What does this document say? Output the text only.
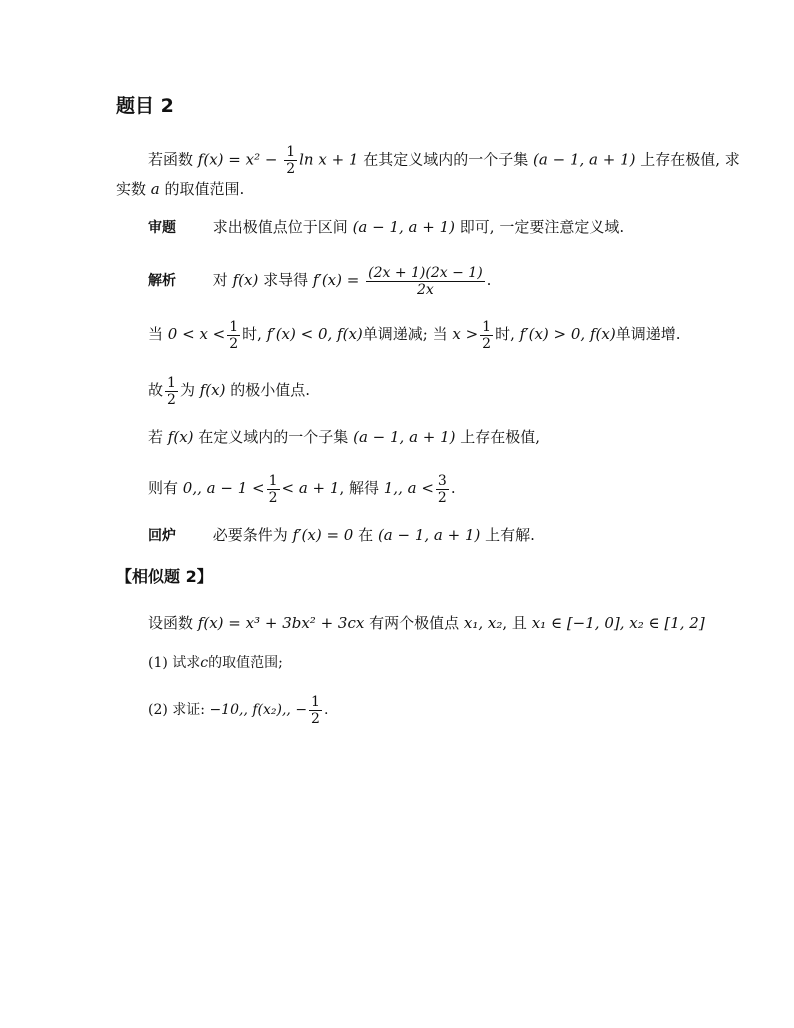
题目 2
若函数 $f(x) = x^2 - \frac{1}{2}$ ln x + 1 在其定义域内的一个子集 (a − 1, a + 1) 上存在极值, 求
实数 a 的取值范围.
审题 求出极值点位于区间 (a − 1, a + 1) 即可, 一定要注意定义域.
解析 对 f(x) 求导得 $f'(x) = \frac{(2x + 1)(2x - 1)}{2x}$ .
当 $0 < x < \frac{1}{2}$ 时, f′(x) < 0, f(x)单调递减; 当 $x > \frac{1}{2}$ 时, f′(x) > 0, f(x)单调递增.
故 $\frac{1}{2}$ 为 f(x) 的极小值点.
若 f(x) 在定义域内的一个子集 (a − 1, a + 1) 上存在极值,
则有 0,, $a - 1 < \frac{1}{2} < a + 1$, 解得 1,, $a < \frac{3}{2}$ .
回炉 必要条件为 f′(x) = 0 在 (a − 1, a + 1) 上有解.
【相似题 2】
设函数 f(x) = x³ + 3bx² + 3cx 有两个极值点 x₁, x₂, 且 x₁ ∈ [−1, 0], x₂ ∈ [1, 2]
(1) 试求c的取值范围;
(2) 求证: −10,, f(x₂),, − $\frac{1}{2}$ .
